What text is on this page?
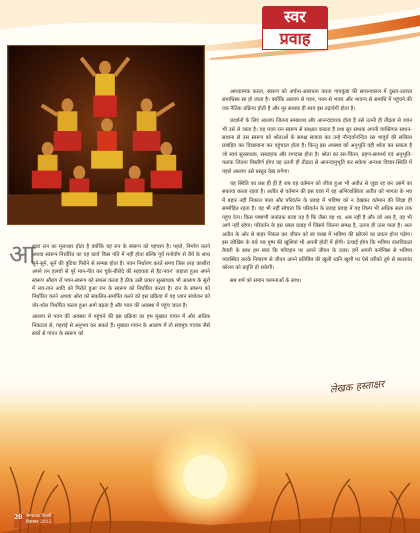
स्वर
प्रवाह

आध्यात्मक करता, स्वरूप को अर्चना-आराधना करता गायकुंडा की साधनाकाल में दुस्ता-उतरता समाधिस्थ सा हो जाता है। क्योंकि आलाप से पवन, पवन से भाव्य और भावन्य से समाधि में पहुंचने की एक नैतिक प्रक्रिया होती है और मुर साधक ही स्वयं इस तद्रावेगी होता है।

प्रदर्शनों के लिए आलाप जितना समग्रयथ और आनन्ददायक होता है उसे उतनी ही तीव्रता से ध्यान भी उसे ले जाता है। यह पवन रान स्वरूप से साक्षात कराता है तथा सुर साधक अपनी व्यक्तिगत साधन-साधना से उस स्वरूप को श्रोताओं के समक्ष साकार कर उन्हे नौन्दर्यानन्दित रस भावुर्य की सलिला प्रवाहित कर विच्छवाना कर पहुंचाता होता है। किन्तु इस अवस्था को अनुभूति वही श्रोता कर सकता है जो स्वयं सुरसाधक, रसग्राहक और रागदास होता है। श्रोता का रस-चिंतन, ग्रहण-सामर्थ्य एवं अनुभूति-फलक जितना विस्तीर्ण होगा वह उतनी ही तीव्रता से आनन्दानुभूति कर सकेगा अन्यथा विचार-स्थिति में पहले आलाप उसे प्रस्तुत देख लगेगा।

यह स्थिति का प्रश्न ही ही है जब वह वर्तमान को जीता हुआ भी अतीत से जुड़ा रह कर उसमें का सकाया करता रहता है। अतीत से वर्तमान की इस यात्रा में वह अभिव्यक्तिता अतीत को भागता के भव में बहार नहीं निकाल पाता और परिवर्तन के प्रवाह में भविष्य को न देखकर वर्तमान की जिज्ञा ही सम्मोहित रहता है। यह भी नहीं सोचता कि परिवर्तन के प्रवाह प्रवाह में यह शिल्प भी अधिक सत्य तक पहुंच देना। किस पाषाणी जनांतक बत्या यह है कि जैसा वह था, अब नहीं है और जो अब है, वह भी आगे नहीं रहेगा। परिवर्तन के इस प्रबल प्रवाह में जिसने जितना समक्ष है, उतना ही उतर पाता है। अतः अतीत के ओर से बाहर निकल कर जीवन को स्व परख में भविष्य की खोजने का प्रयत्न होना पड़ेगा। इस जोखिम के बारे पब पुष्प की खुशियां भी अपनी होती में होगी। ऊंचाई होगा कि भविष्य वालविकता तैयारी के साथ हम स्वयं कि परिवहन पर अपने जीवन के उत्तर। हमें अपनी कर्मनिष्ठा से भविष्य व्यवस्थित करके निवारण से जीवन अपने प्रतिबिंब की खुली ध्वनि खुशी पर ऐसे तरीको तुमे से बातशांत कोलन को प्रवृत्ति हो सकेगी।

सब शर्म को समान कामनाओं के साथ।

आ

शारा रान का मूलाधार होता है क्योंकि यह रान के स्वरूप को पहचान है। पहले, निर्माण करने अथवा स्वरूप निर्धारित का यह कार्य किस गति में नहीं होता बल्कि पूर्व मनोयोग से धैर्य के साथ सुने-सुने, सुनें की त्रुटिया पिरोने से सम्पन्न होता है। पवन निर्धारण करते समय जिस तरह काशीरा अपने तन हलचों से पूरे मान-नीत कर चुके-बीरोदे की सहायता से हैट-पवन' जहाता हुआ अपने स्वरूप औराग रों पवन-स्वरूप को सफल करता है ठीक उसी प्रकार सुरसाधक भी आलाप के सुरों में लय-तान आदि को पिरोते हुआ रान के स्वरूप को निर्धारित करता है। रान के स्वरूप को निर्धारित करने अथवा ओरा को संकलित-समर्पित करने को इस प्रक्रिया में यह ध्यान संयोजन को योर-थोरा निर्धारित करता हुआ आगे बढ़ता है और पवन की अवस्था में पहुंच जाता है।

आलाप से पवन की अवस्था में पहुंचने की इस प्रक्रिया का हम मुख्यत गायन में और अधिक निकटता से, गहराई से अनुभव कर सकते हैं। मुख्यत गायन के आलाप में तो सचमुच गायक जैसे स्वरों से गायन के स्वरूप को

लेखक हस्ताक्षर
20 सम्पादक दिल्ली
दिसम्बर 2012
